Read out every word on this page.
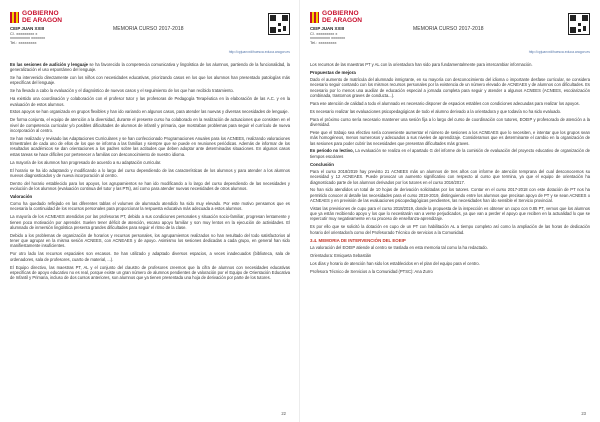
GOBIERNO
DE ARAGON
CEIP JUAN XXIII
C/. xxxxxxxxx x
xxxxxxxxxx xxxxxxx
Tel.: xxxxxxxxx
MEMORIA CURSO 2017-2018
http://cpjuanxxiiihuesca.educa.aragon.es

En las sesiones de audición y lenguaje se ha favorecido la competencia comunicativa y lingüística de los alumnos, partiendo de la funcionalidad, la generalización el uso espontáneo del lenguaje.

Se ha intervenido directamente con los niños con necesidades educativas, priorizando casos en los que los alumnos han presentado patologías más específicas del lenguaje.

Se ha llevado a cabo la evaluación y el diagnóstico de nuevos casos y el seguimiento de los que han recibido tratamiento.

Ha existido una coordinación y colaboración con el profesor tutor y las profesoras de Pedagogía Terapéutica en la elaboración de las A.C. y en la evaluación de estos alumnos.

Estos apoyos se han organizado en grupos flexibles y han ido variando en algunos casos, para atender las nuevas y diversas necesidades de lenguaje.

De forma conjunta, el equipo de atención a la diversidad, durante el presente curso ha colaborado en la realización de actuaciones que consisten en el nivel de competencia curricular y/o posibles dificultades de alumnos de infantil y primaria, que mostraban problemas para seguir el currículo de nueva incorporación al centro.

Se han realizado y revisado las Adaptaciones Curriculares y se han confeccionado Programaciones Anuales para los ACNEES, realizando valoraciones trimestrales de cada uno de ellos de los que se informa a las familias y siempre que se puede en reuniones periódicas. Además de informar de los resultados académicos se dan orientaciones a los padres sobre las actitudes que deben adoptar ante determinadas situaciones. En algunos casos estas tareas se hace difíciles por pertenecer a familias con desconocimiento de nuestro idioma.

La mayoría de los alumnos han progresado de acuerdo a su adaptación curricular.

El horario se ha ido adaptando y modificando a lo largo del curso dependiendo de las características de los alumnos y para atender a los alumnos nuevos diagnosticados y de nueva incorporación al centro.

Dentro del horario establecido para los apoyos, los agrupamientos se han ido modificando a lo largo del curso dependiendo de las necesidades y evolución de los alumnos (evaluación continua del tutor y las PTs), así como para atender nuevas necesidades de otros alumnos.

Valoración

Como ha quedado reflejado en las diferentes tablas el volumen de alumnado atendido ha sido muy elevado. Por este motivo pensamos que es necesaria la continuidad de los recursos personales para proporcionar la respuesta educativa más adecuada a estos alumnos.

La mayoría de los ACNEAES atendidos por las profesoras PT, debido a sus condiciones personales y situación socio-familiar, progresan lentamente y tienen poca motivación por aprender. Suelen tener déficit de atención, escaso apoyo familiar y son muy lentos en la ejecución de actividades. El alumnado de inmersión lingüística presenta grandes dificultades para seguir el ritmo de la clase.

Debido a los problemas de organización de horarios y recursos personales, los agrupamientos realizados no han resultado del todo satisfactorios al tener que agrupar en la misma sesión ACNEES, con ACNEAES y de apoyo. Asimismo los sesiones dedicadas a cada grupo, en general han sido manifiestamente insuficientes.

Por otro lado las recursos espaciales son escasos. Se han utilizado y adaptado diversos espacios, a veces inadecuados (biblioteca, sala de ordenadores, sala de profesores, cuarto de material, ...).

El Equipo directivo, las maestras PT, AL y el conjunto del claustro de profesores creemos que la cifra de alumnos con necesidades educativas específicas de apoyo educativo no es real, porque existe un gran número de alumnos pendientes de valoración por el Equipo de Orientación Educativa de Infantil y Primaria, incluso de dos cursos anteriores, son alumnos que ya tienen presentada una hoja de derivación por parte de los tutores.

22
GOBIERNO
DE ARAGON
CEIP JUAN XXIII
C/. xxxxxxxxx x
xxxxxxxxxx xxxxxxx
Tel.: xxxxxxxxx
MEMORIA CURSO 2017-2018
http://cpjuanxxiiihuesca.educa.aragon.es

Los recursos de las maestras PT y AL con la orientadora han sido para fundamentalmente para intercambiar información.

Propuestas de mejora

Dado el aumento de matrícula del alumnado inmigrante, en su mayoría con desconocimiento del idioma o importante desfase curricular, se considera necesario seguir contando con los mismos recursos personales por la existencia de un número elevado de ACNEAES y de alumnos con dificultades. Es necesario por lo menos una auxiliar de educación especial a jornada completa para seguir y atender a algunos ACNEES (ACNEES, escolarización combinada, trastornos graves de conducta...).

Para ese atención de calidad a todo el alumnado es necesario disponer de espacios estables con condiciones adecuadas para realizar los apoyos.

Es necesario realizar las evaluaciones psicopedagógicas de todo el alumno derivado a la orientadora y que todavía no ha sido evaluado.

Para el próximo curso sería necesario mantener una sesión fija a lo largo del curso de coordinación con tutores, EOEIP y profesorado de atención a la diversidad.

Pese que el trabajo sea efectivo sería conveniente aumentar el número de sesiones a los ACNEAES que lo necesiten, e intentar que los grupos sean más homogéneos, menos numerosos y adecuados a sus niveles de aprendizaje. Consideramos que es determinante el cambio en la organización de las sesiones para poder cubrir las necesidades que presentan dificultades más graves.

En periodo no lectivo, La evaluación se realiza en el apartado G del informe de la comisión de evaluación del proyecto educativo de organización de tiempos escolares

Conclusión

Para el curso 2018/2019 hay previsto 21 ACNEES más un alumnos de tres años con informe de atención temprana del cual desconocemos su necesidad y 12 ACNEAES. Puede provocar un aumento significativo con respecto al curso que termina, ya que el equipo de orientación ha diagnosticado parte de los alumnos derivados por los tutores en el curso 2016/2017.

No han sido atendidos un total de 10 hojas de derivación solicitadas por los tutores. Contar en el curso 2017-2018 con este dotación de PT nos ha permitido conocer al detalle las necesidades para el curso 2018-2019, distinguiendo entre los alumnos que precisan apoyo de PT y se sean ACNEES o ACNEAES y en previsión de las evaluaciones psicopedagógicas pendientes, las necesidades han ido sensible el Servicio provincial.

Vistas las previsiones de cupo para el curso 2018/2019, donde la propuesta de la inspección es obtener un cupo con 0.85 PT, vemos que los alumnos que ya están recibiendo apoyo y los que lo necesitarán van a verse perjudicados, ya que van a perder el apoyo que reciben en la actualidad lo que se repercutir muy negativamente en su proceso de enseñanza-aprendizaje.

Es por ello que se solicitó la dotación en cupo de un PT con habilitación AL a tiempo completo así como la ampliación de las horas de dedicación horario del orientador/a como del Profesorado Técnico de servicios a la Comunidad.

3.4. MEMORIA DE INTERVENCIÓN DEL EOEIP

La valoración del EOEIP atiende al centro se traslada en esta memoria tal como la ha redactado.

Orientadora: Emiqueta Sebastián

Los días y horario de atención han sido los establecidos en el plan del equipo para el centro.

Profesora Técnico de Servicios a la Comunidad (PTSC): Ana Zurro

23
